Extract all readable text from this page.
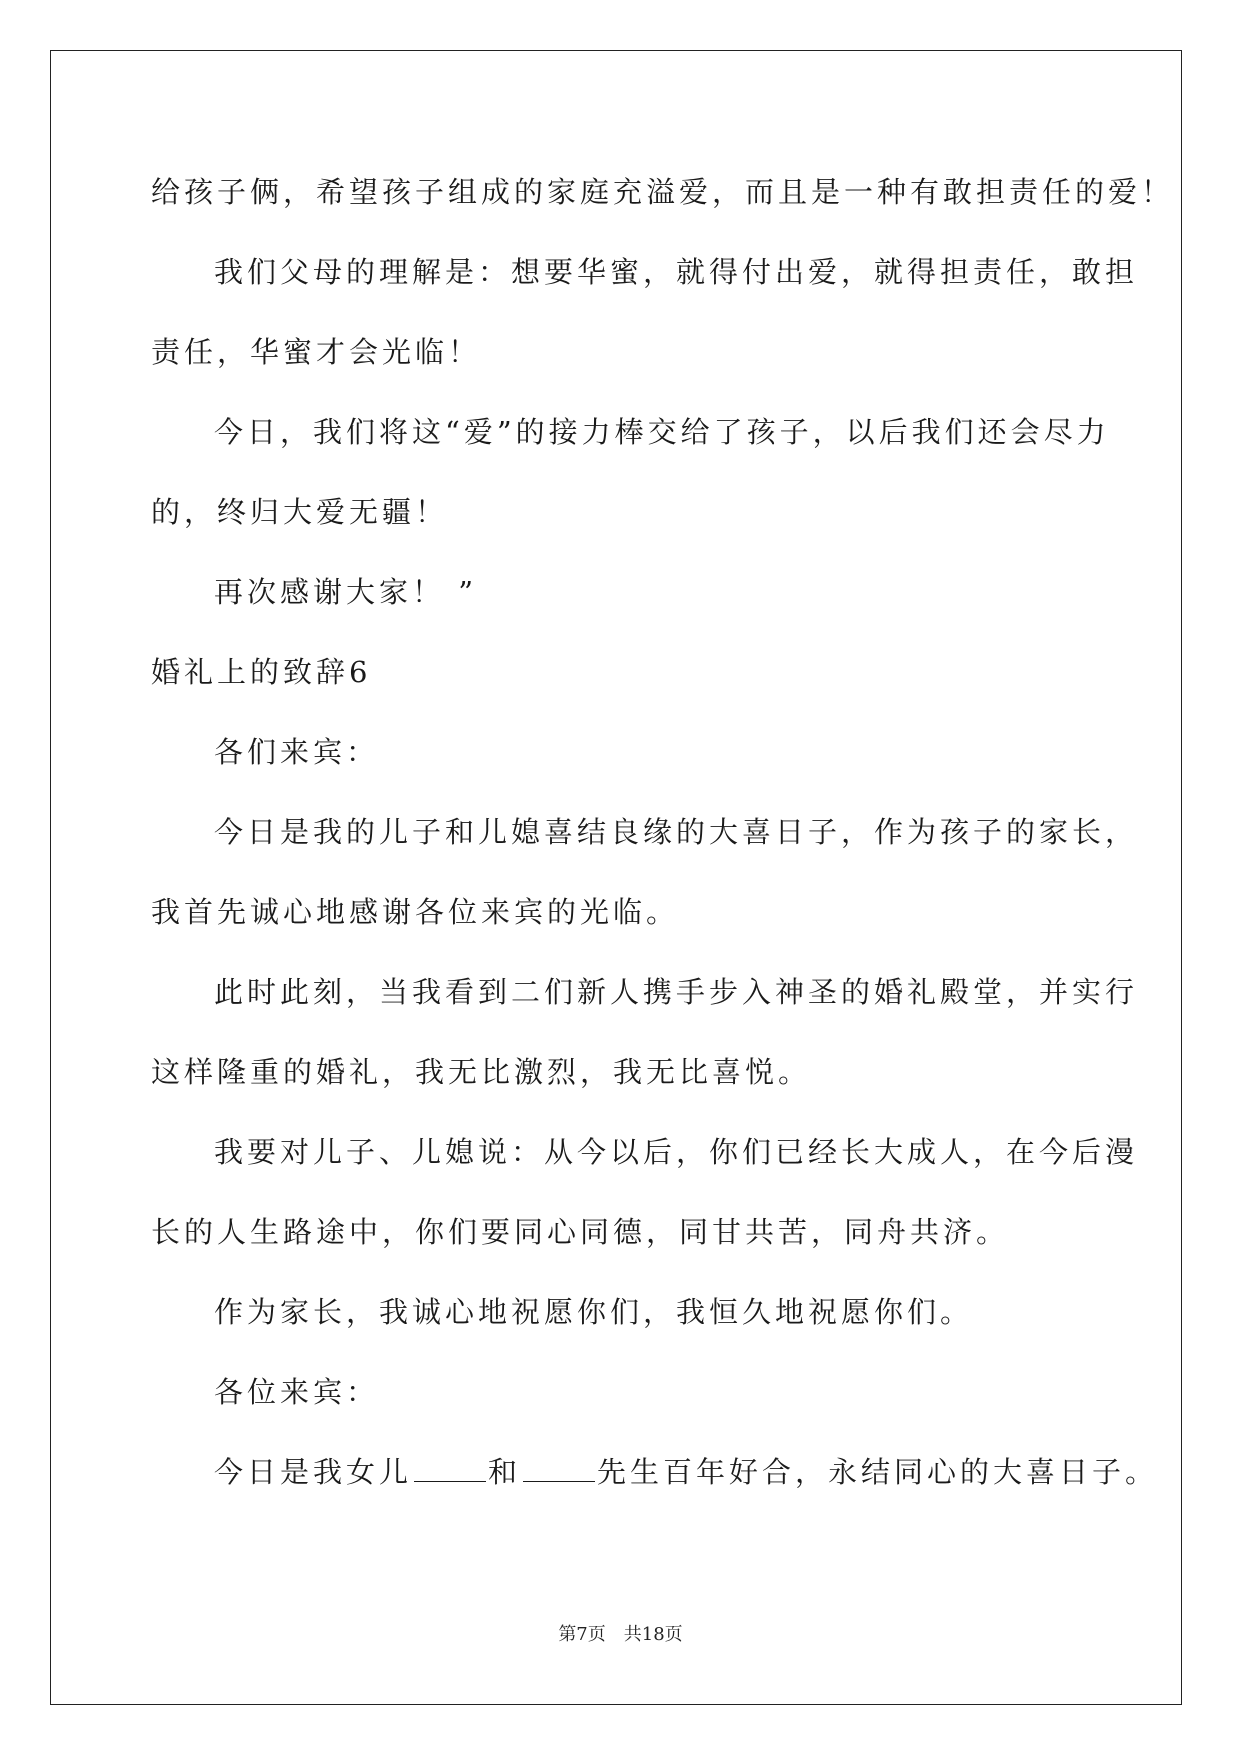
给孩子俩，希望孩子组成的家庭充溢爱，而且是一种有敢担责任的爱！
我们父母的理解是：想要华蜜，就得付出爱，就得担责任，敢担
责任，华蜜才会光临！
今日，我们将这“爱”的接力棒交给了孩子，以后我们还会尽力
的，终归大爱无疆！
再次感谢大家！ ”
婚礼上的致辞6
各们来宾：
今日是我的儿子和儿媳喜结良缘的大喜日子，作为孩子的家长，
我首先诚心地感谢各位来宾的光临。
此时此刻，当我看到二们新人携手步入神圣的婚礼殿堂，并实行
这样隆重的婚礼，我无比激烈，我无比喜悦。
我要对儿子、儿媳说：从今以后，你们已经长大成人，在今后漫
长的人生路途中，你们要同心同德，同甘共苦，同舟共济。
作为家长，我诚心地祝愿你们，我恒久地祝愿你们。
各位来宾：
今日是我女儿	和	先生百年好合，永结同心的大喜日子。
第7页　共18页
